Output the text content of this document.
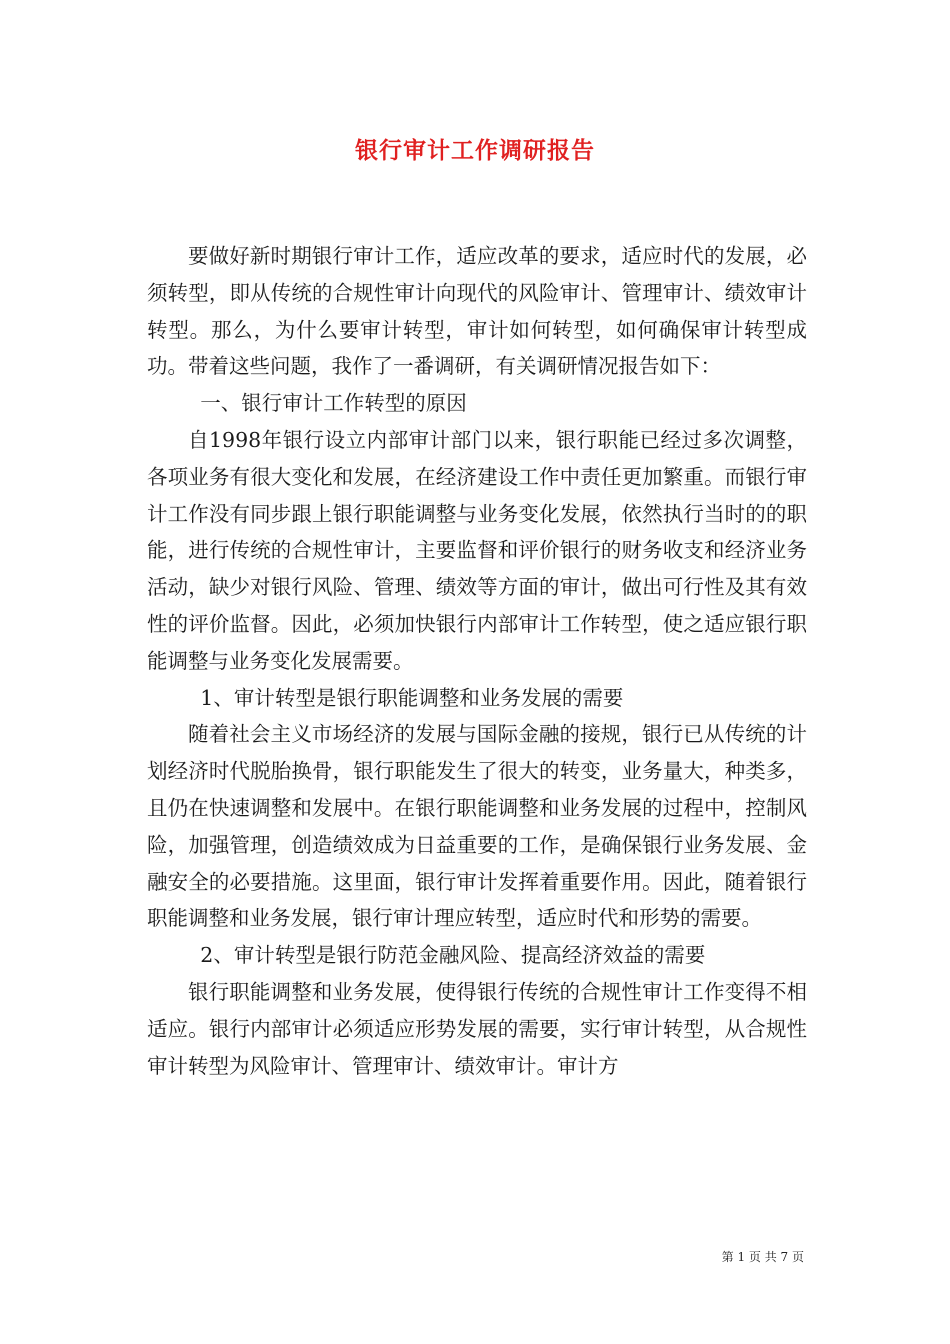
银行审计工作调研报告

要做好新时期银行审计工作，适应改革的要求，适应时代的发展，必须转型，即从传统的合规性审计向现代的风险审计、管理审计、绩效审计转型。那么，为什么要审计转型，审计如何转型，如何确保审计转型成功。带着这些问题，我作了一番调研，有关调研情况报告如下：

一、银行审计工作转型的原因

自1998年银行设立内部审计部门以来，银行职能已经过多次调整，各项业务有很大变化和发展，在经济建设工作中责任更加繁重。而银行审计工作没有同步跟上银行职能调整与业务变化发展，依然执行当时的的职能，进行传统的合规性审计，主要监督和评价银行的财务收支和经济业务活动，缺少对银行风险、管理、绩效等方面的审计，做出可行性及其有效性的评价监督。因此，必须加快银行内部审计工作转型，使之适应银行职能调整与业务变化发展需要。

1、审计转型是银行职能调整和业务发展的需要

随着社会主义市场经济的发展与国际金融的接规，银行已从传统的计划经济时代脱胎换骨，银行职能发生了很大的转变，业务量大，种类多，且仍在快速调整和发展中。在银行职能调整和业务发展的过程中，控制风险，加强管理，创造绩效成为日益重要的工作，是确保银行业务发展、金融安全的必要措施。这里面，银行审计发挥着重要作用。因此，随着银行职能调整和业务发展，银行审计理应转型，适应时代和形势的需要。

2、审计转型是银行防范金融风险、提高经济效益的需要

银行职能调整和业务发展，使得银行传统的合规性审计工作变得不相适应。银行内部审计必须适应形势发展的需要，实行审计转型，从合规性审计转型为风险审计、管理审计、绩效审计。审计方

第 1 页 共 7 页
